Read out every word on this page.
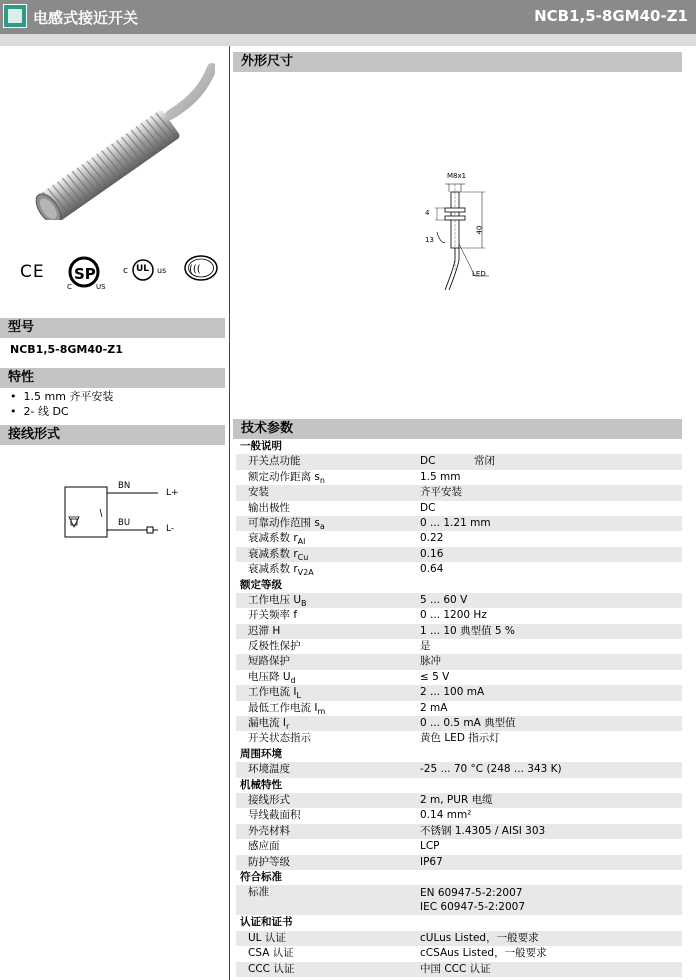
电感式接近开关	NCB1,5-8GM40-Z1
CE SP
C	US
c	us
UL	(((
型号
NCB1,5-8GM40-Z1
特性
•  1.5 mm 齐平安装
•  2- 线 DC
接线形式
BN
BU
L+
L-
外形尺寸
M8x1
4
13
40
LED
技术参数
一般说明
开关点功能	DC	常闭
额定动作距离 $s_n$	1.5 mm
安装	齐平安装
输出极性	DC
可靠动作范围 $s_a$	0 ... 1.21 mm
衰减系数 $r_{Al}$	0.22
衰减系数 $r_{Cu}$	0.16
衰减系数 $r_{V2A}$	0.64
额定等级
工作电压 $U_B$	5 ... 60 V
开关频率 f	0 ... 1200 Hz
迟滞 H	1 ... 10 典型值 5 %
反极性保护	是
短路保护	脉冲
电压降 $U_d$	≤ 5 V
工作电流 $I_L$	2 ... 100 mA
最低工作电流 $I_m$	2 mA
漏电流 $I_r$	0 ... 0.5 mA 典型值
开关状态指示	黄色 LED 指示灯
周围环境
环境温度	-25 ... 70 °C (248 ... 343 K)
机械特性
接线形式	2 m, PUR 电缆
导线截面积	0.14 mm²
外壳材料	不锈钢 1.4305 / AISI 303
感应面	LCP
防护等级	IP67
符合标准
标准	EN 60947-5-2:2007
IEC 60947-5-2:2007
认证和证书
UL 认证	cULus Listed，一般要求
CSA 认证	cCSAus Listed，一般要求
CCC 认证	中国 CCC 认证
